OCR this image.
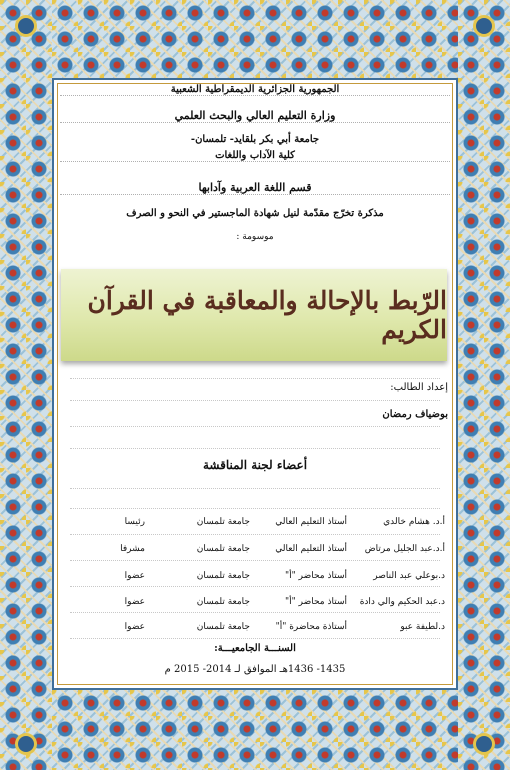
الجمهورية الجزائرية الديمقراطية الشعبية
وزارة التعليم العالي والبحث العلمي
جامعة أبي بكر بلقايد- تلمسان-
كلية الآداب واللغات
قسم اللغة العربية وآدابها
مذكرة تخرّج مقدّمة لنيل شهادة الماجستير في النحو و الصرف
موسومة :
الرّبط بالإحالة والمعاقبة في القرآن الكريم
إعداد الطالب:
بوضياف رمضان
أعضاء لجنة المناقشة
أ.د. هشام خالدي
أستاذ التعليم العالي
جامعة تلمسان
رئيسا
أ.د.عبد الجليل مرتاض
أستاذ التعليم العالي
جامعة تلمسان
مشرفا
د.بوعلي عبد الناصر
أستاذ محاضر "أ"
جامعة تلمسان
عضوا
د.عبد الحكيم والي دادة
أستاذ محاضر "أ"
جامعة تلمسان
عضوا
د.لطيفة عبو
أستاذة محاضرة "أ"
جامعة تلمسان
عضوا
السنـــة الجامعيـــة:
1435- 1436هـ الموافق لـ 2014- 2015 م
